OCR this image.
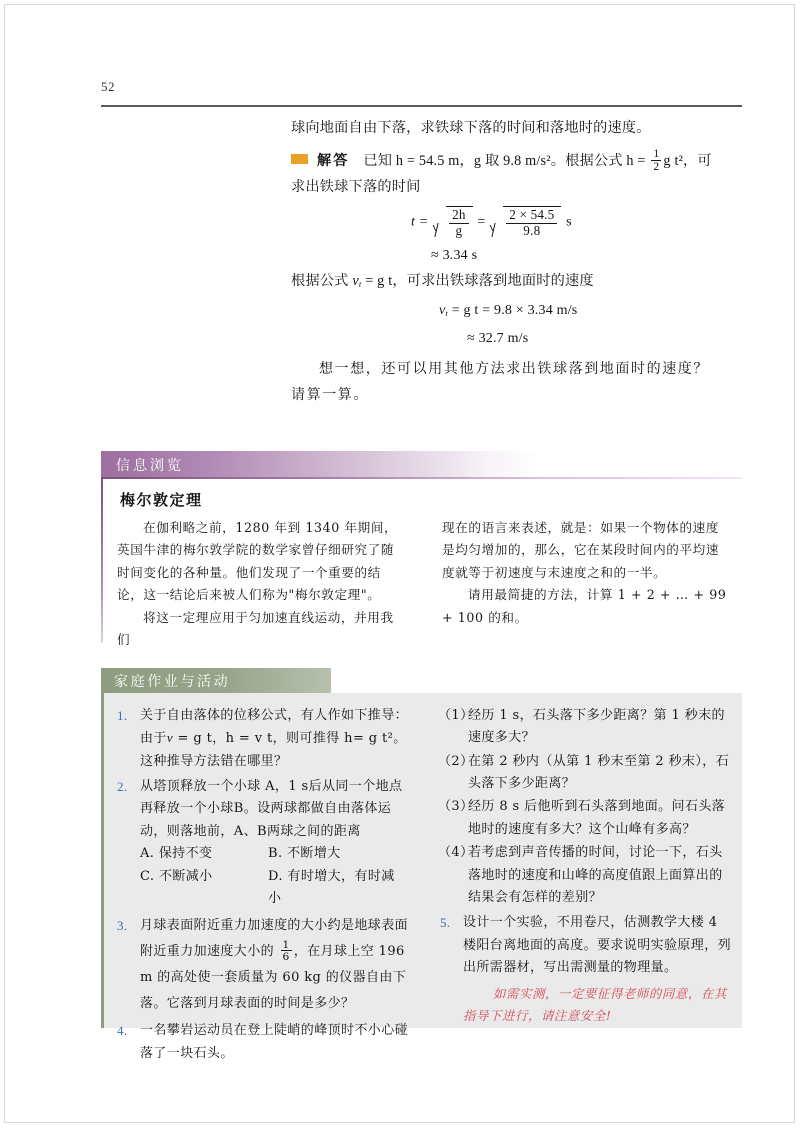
52

球向地面自由下落，求铁球下落的时间和落地时的速度。

解答 已知 h = 54.5 m，g 取 9.8 m/s²。根据公式 $h = \frac{1}{2}$ g t²，可

求出铁球下落的时间

$t = \frac{2h}{g} = \frac{2 \times 54.5}{9.8}$ s
≈ 3.34 s

根据公式 $v_t = g$ t，可求出铁球落到地面时的速度

$v_t = g$ t = 9.8 × 3.34 m/s
≈ 32.7 m/s

想一想，还可以用其他方法求出铁球落到地面时的速度？

请算一算。

信息浏览
梅尔敦定理

在伽利略之前，1280 年到 1340 年期间，英国牛津的梅尔敦学院的数学家曾仔细研究了随时间变化的各种量。他们发现了一个重要的结论，这一结论后来被人们称为"梅尔敦定理"。

将这一定理应用于匀加速直线运动，并用我们

现在的语言来表述，就是：如果一个物体的速度是均匀增加的，那么，它在某段时间内的平均速度就等于初速度与末速度之和的一半。

请用最简捷的方法，计算 1 + 2 + … + 99 + 100 的和。

家庭作业与活动
1. 关于自由落体的位移公式，有人作如下推导：由于v = g t，h = v t，则可推得 h= g t²。这种推导方法错在哪里？
2. 从塔顶释放一个小球 A，1 s后从同一个地点再释放一个小球B。设两球都做自由落体运动，则落地前，A、B两球之间的距离
A. 保持不变	B. 不断增大
C. 不断减小	D. 有时增大，有时减小
3. 月球表面附近重力加速度的大小约是地球表面附近重力加速度大小的 $\frac{1}{6}$ ，在月球上空 196 m 的高处使一套质量为 60 kg 的仪器自由下落。它落到月球表面的时间是多少？
4. 一名攀岩运动员在登上陡峭的峰顶时不小心碰落了一块石头。
（1）
经历 1 s，石头落下多少距离？第 1 秒末的速度多大？
（2）
在第 2 秒内（从第 1 秒末至第 2 秒末），石头落下多少距离？
（3）
经历 8 s 后他听到石头落到地面。问石头落地时的速度有多大？这个山峰有多高？
（4）
若考虑到声音传播的时间，讨论一下，石头落地时的速度和山峰的高度值跟上面算出的结果会有怎样的差别？
5. 设计一个实验，不用卷尺，估测教学大楼 4 楼阳台离地面的高度。要求说明实验原理，列出所需器材，写出需测量的物理量。

如需实测，一定要征得老师的同意，在其

指导下进行，请注意安全!
